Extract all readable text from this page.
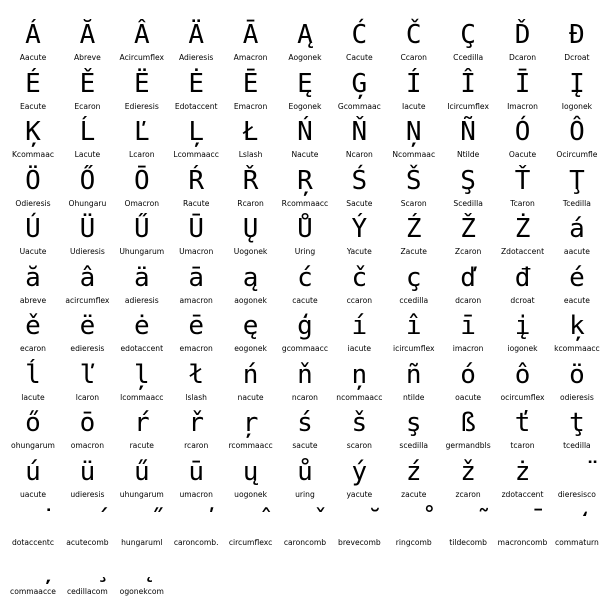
Á
Aacute
Ă
Abreve
Â
Acircumflex
Ä
Adieresis
Ā
Amacron
Ą
Aogonek
Ć
Cacute
Č
Ccaron
Ç
Ccedilla
Ď
Dcaron
Đ
Dcroat
É
Eacute
Ě
Ecaron
Ë
Edieresis
Ė
Edotaccent
Ē
Emacron
Ę
Eogonek
Ģ
Gcommaac
Í
Iacute
Î
Icircumflex
Ī
Imacron
Į
Iogonek
Ķ
Kcommaac
Ĺ
Lacute
Ľ
Lcaron
Ļ
Lcommaacc
Ł
Lslash
Ń
Nacute
Ň
Ncaron
Ņ
Ncommaac
Ñ
Ntilde
Ó
Oacute
Ô
Ocircumfle
Ö
Odieresis
Ő
Ohungaru
Ō
Omacron
Ŕ
Racute
Ř
Rcaron
Ŗ
Rcommaacc
Ś
Sacute
Š
Scaron
Ş
Scedilla
Ť
Tcaron
Ţ
Tcedilla
Ú
Uacute
Ü
Udieresis
Ű
Uhungarum
Ū
Umacron
Ų
Uogonek
Ů
Uring
Ý
Yacute
Ź
Zacute
Ž
Zcaron
Ż
Zdotaccent
á
aacute
ă
abreve
â
acircumflex
ä
adieresis
ā
amacron
ą
aogonek
ć
cacute
č
ccaron
ç
ccedilla
ď
dcaron
đ
dcroat
é
eacute
ě
ecaron
ë
edieresis
ė
edotaccent
ē
emacron
ę
eogonek
ģ
gcommaacc
í
iacute
î
icircumflex
ī
imacron
į
iogonek
ķ
kcommaacc
ĺ
lacute
ľ
lcaron
ļ
lcommaacc
ł
lslash
ń
nacute
ň
ncaron
ņ
ncommaacc
ñ
ntilde
ó
oacute
ô
ocircumflex
ö
odieresis
ő
ohungarum
ō
omacron
ŕ
racute
ř
rcaron
ŗ
rcommaacc
ś
sacute
š
scaron
ş
scedilla
ß
germandbls
ť
tcaron
ţ
tcedilla
ú
uacute
ü
udieresis
ű
uhungarum
ū
umacron
ų
uogonek
ů
uring
ý
yacute
ź
zacute
ž
zcaron
ż
zdotaccent
̈
dieresisco
̇
dotaccentc
́
acutecomb
̋
hungaruml
̕
caroncomb.
̂
circumflexc
̌
caroncomb
̆
brevecomb
̊
ringcomb
̃
tildecomb
̄
macroncomb
̒
commaturn
̦
commaacce
̧
cedillacom
̨
ogonekcom
